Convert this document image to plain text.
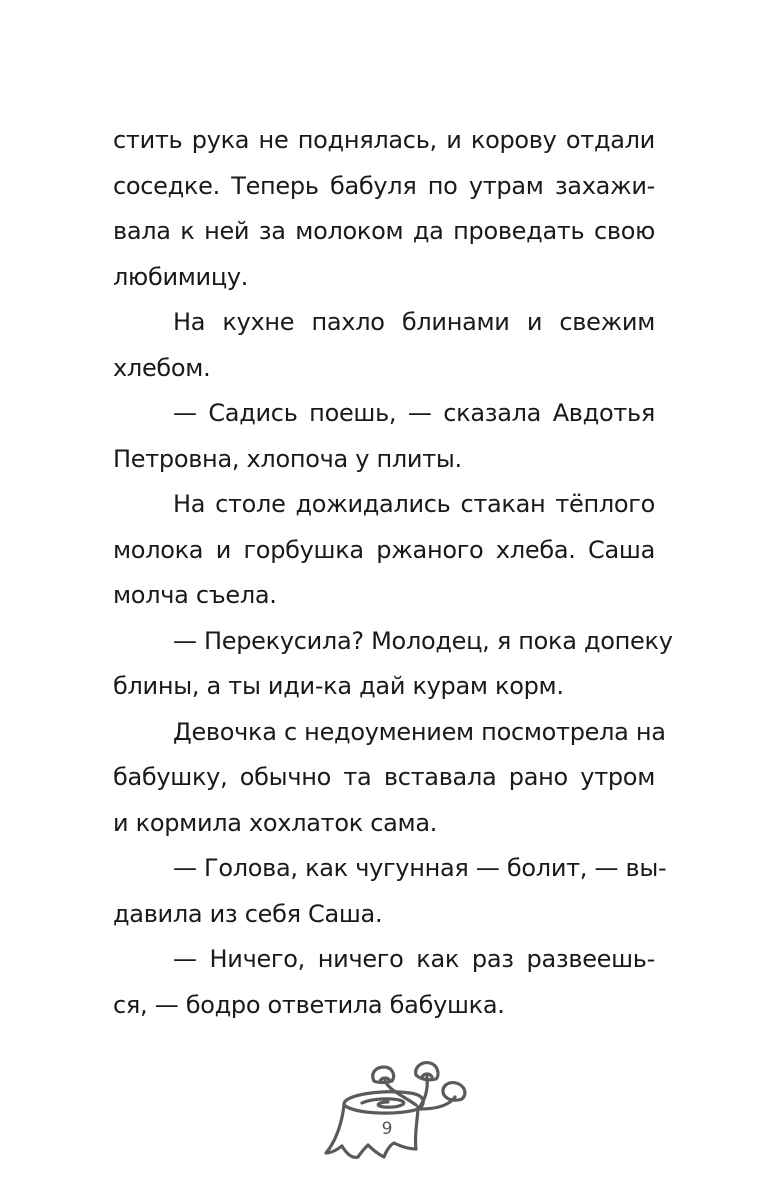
стить рука не поднялась, и корову отдали
соседке. Теперь бабуля по утрам захажи-
вала к ней за молоком да проведать свою
любимицу.
На кухне пахло блинами и свежим
хлебом.
— Садись поешь, — сказала Авдотья
Петровна, хлопоча у плиты.
На столе дожидались стакан тёплого
молока и горбушка ржаного хлеба. Саша
молча съела.
— Перекусила? Молодец, я пока допеку
блины, а ты иди-ка дай курам корм.
Девочка с недоумением посмотрела на
бабушку, обычно та вставала рано утром
и кормила хохлаток сама.
— Голова, как чугунная — болит, — вы-
давила из себя Саша.
— Ничего, ничего как раз развеешь-
ся, — бодро ответила бабушка.
9
